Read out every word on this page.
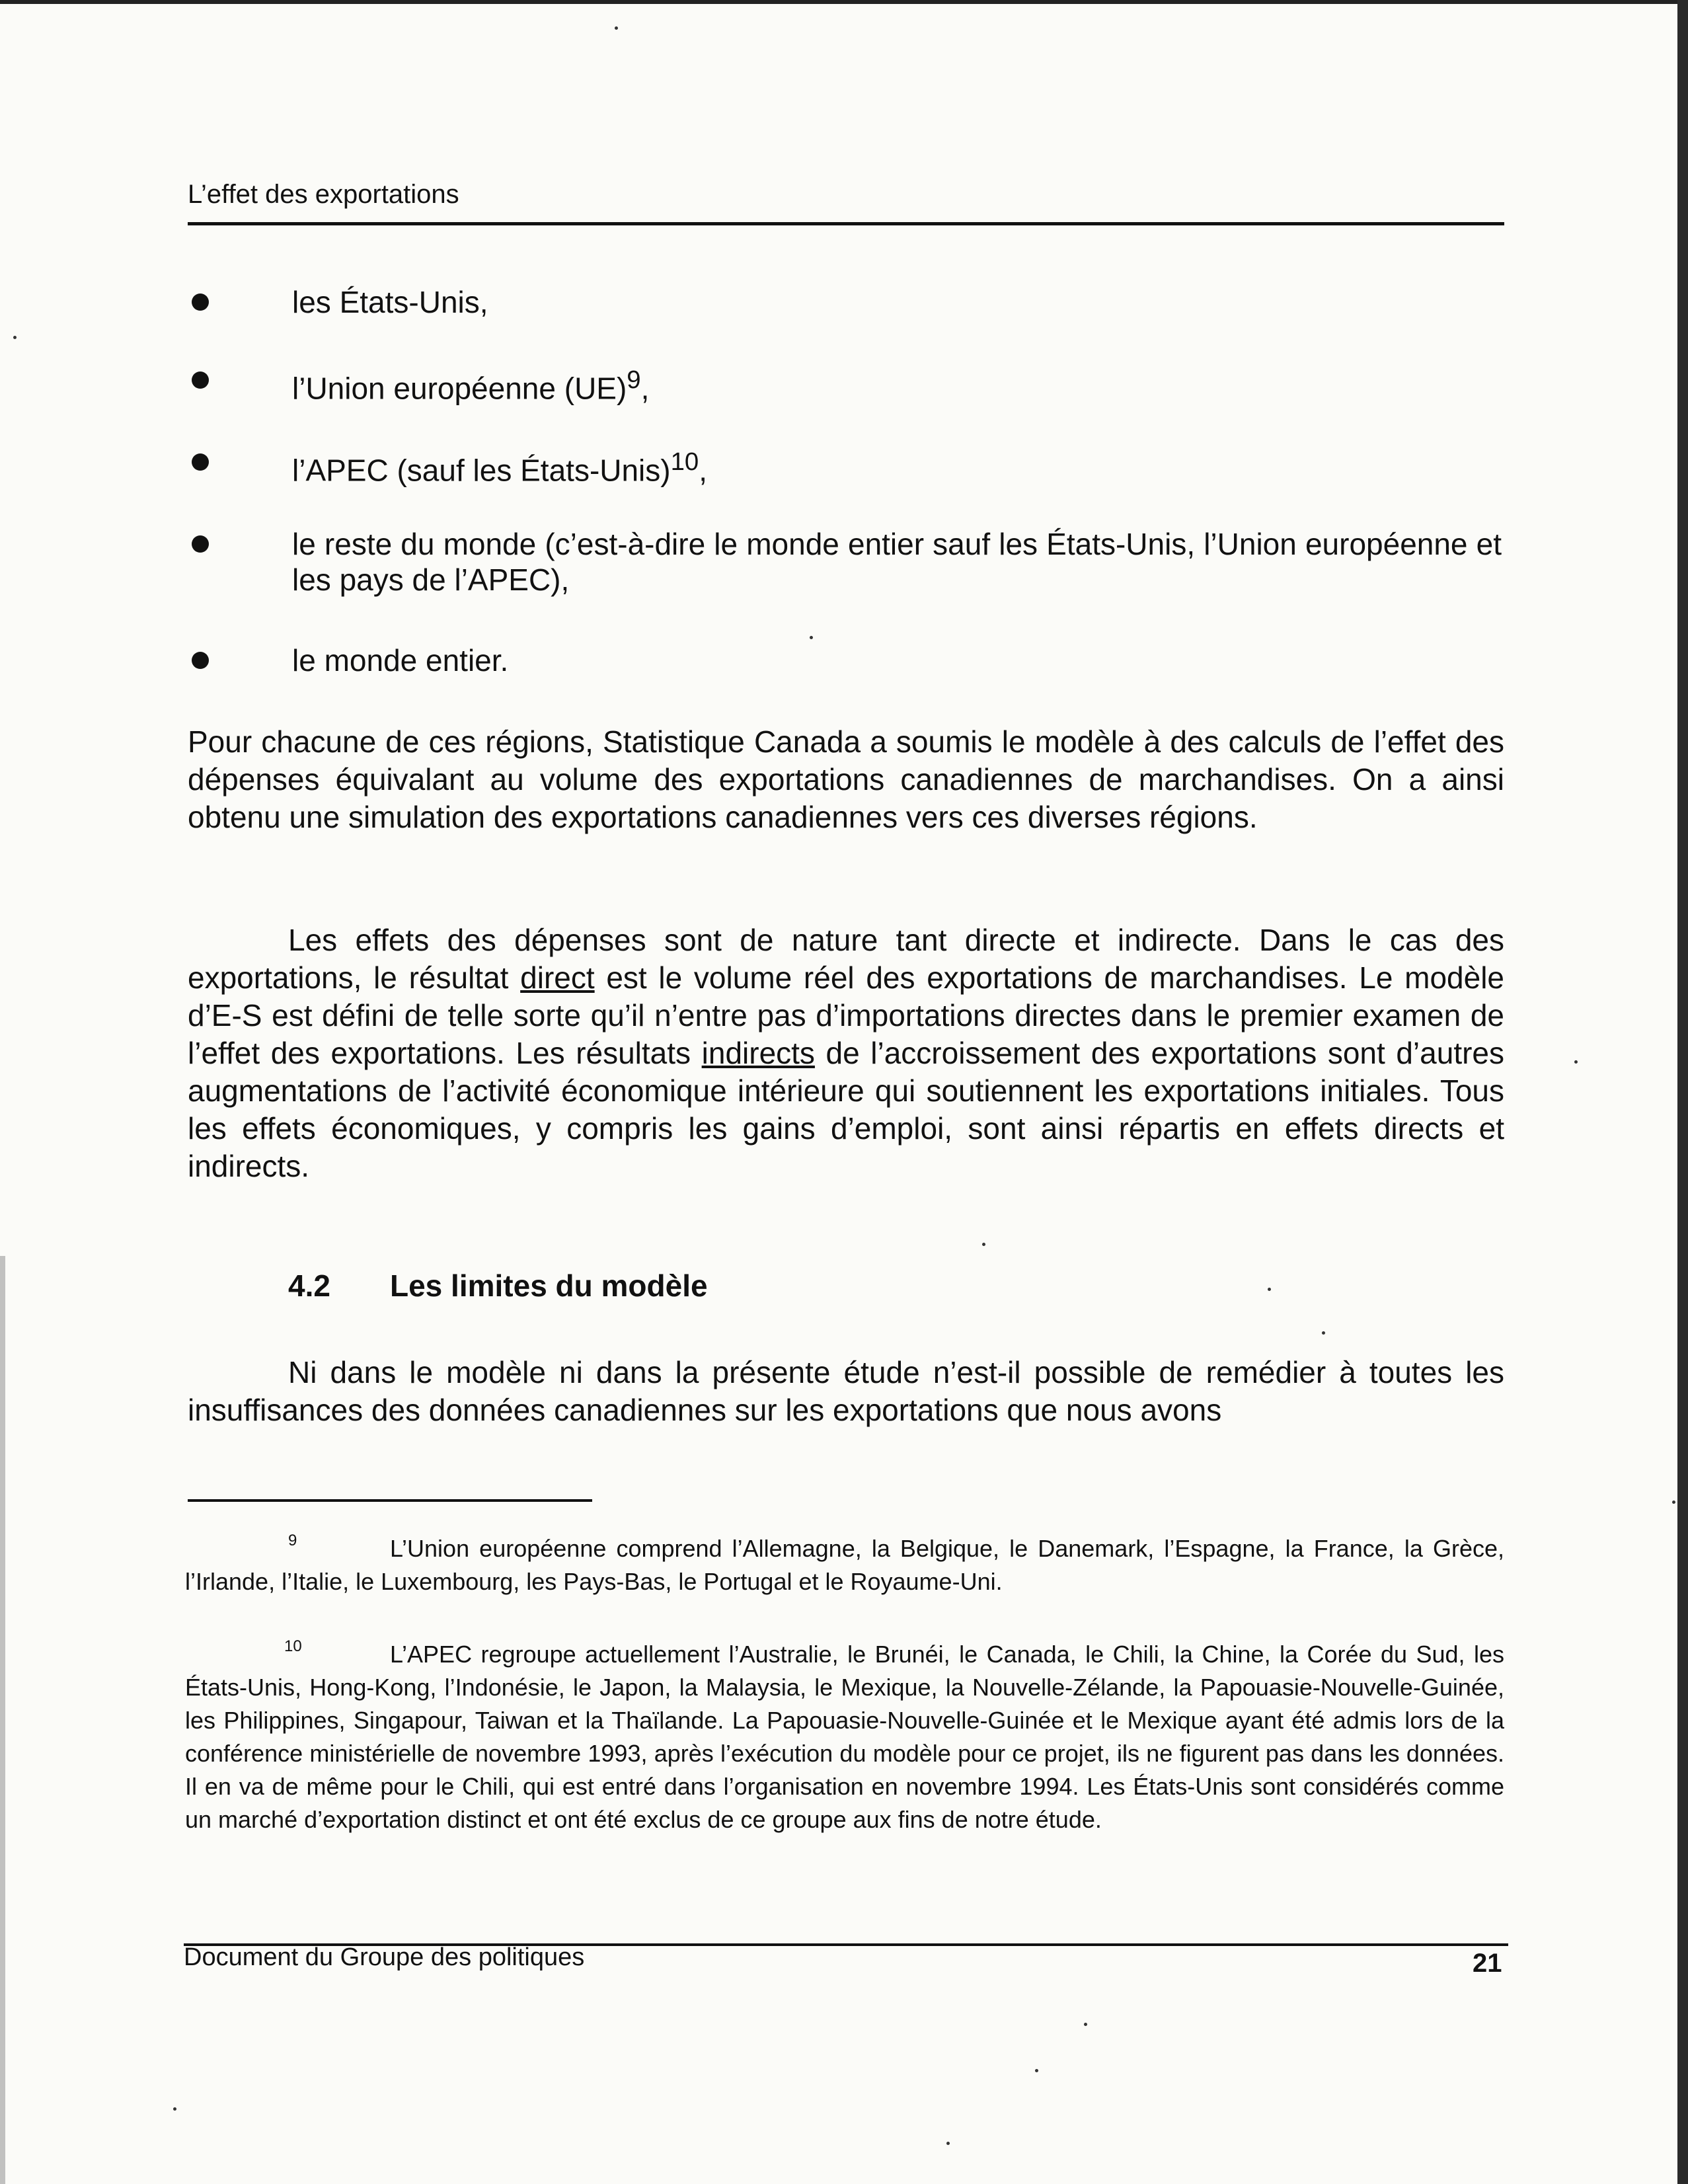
L’effet des exportations
les États-Unis,
l’Union européenne (UE)$^9$,
l’APEC (sauf les États-Unis)$^{10}$,
le reste du monde (c’est-à-dire le monde entier sauf les États-Unis, l’Union européenne et les pays de l’APEC),
le monde entier.
Pour chacune de ces régions, Statistique Canada a soumis le modèle à des calculs de l’effet des dépenses équivalant au volume des exportations canadiennes de marchandises. On a ainsi obtenu une simulation des exportations canadiennes vers ces diverses régions.
Les effets des dépenses sont de nature tant directe et indirecte. Dans le cas des exportations, le résultat direct est le volume réel des exportations de marchandises. Le modèle d’E-S est défini de telle sorte qu’il n’entre pas d’importations directes dans le premier examen de l’effet des exportations. Les résultats indirects de l’accroissement des exportations sont d’autres augmentations de l’activité économique intérieure qui soutiennent les exportations initiales. Tous les effets économiques, y compris les gains d’emploi, sont ainsi répartis en effets directs et indirects.
4.2 Les limites du modèle
Ni dans le modèle ni dans la présente étude n’est-il possible de remédier à toutes les insuffisances des données canadiennes sur les exportations que nous avons
9	L’Union européenne comprend l’Allemagne, la Belgique, le Danemark, l’Espagne, la France, la Grèce, l’Irlande, l’Italie, le Luxembourg, les Pays-Bas, le Portugal et le Royaume-Uni.
10	L’APEC regroupe actuellement l’Australie, le Brunéi, le Canada, le Chili, la Chine, la Corée du Sud, les États-Unis, Hong-Kong, l’Indonésie, le Japon, la Malaysia, le Mexique, la Nouvelle-Zélande, la Papouasie-Nouvelle-Guinée, les Philippines, Singapour, Taiwan et la Thaïlande. La Papouasie-Nouvelle-Guinée et le Mexique ayant été admis lors de la conférence ministérielle de novembre 1993, après l’exécution du modèle pour ce projet, ils ne figurent pas dans les données. Il en va de même pour le Chili, qui est entré dans l’organisation en novembre 1994. Les États-Unis sont considérés comme un marché d’exportation distinct et ont été exclus de ce groupe aux fins de notre étude.
Document du Groupe des politiques	21
